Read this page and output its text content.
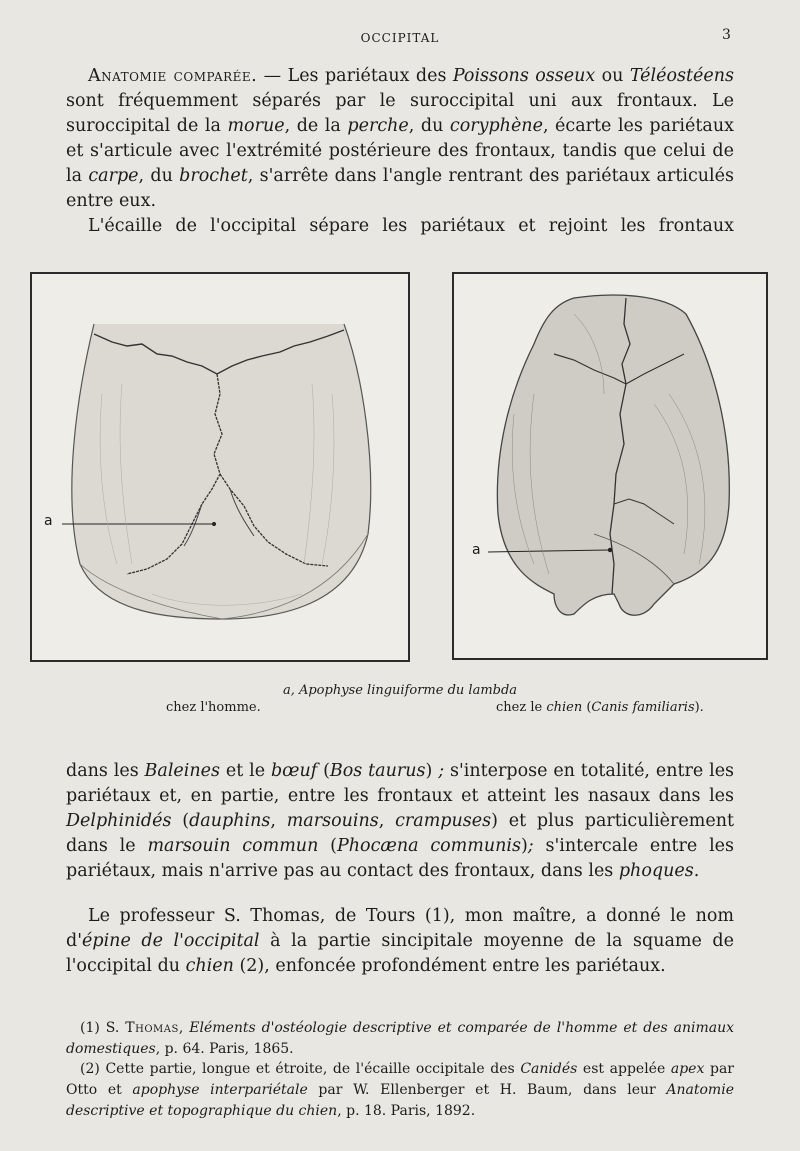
OCCIPITAL	3

Anatomie comparée. — Les pariétaux des Poissons osseux ou Téléostéens sont fréquemment séparés par le suroccipital uni aux frontaux. Le suroccipital de la morue, de la perche, du coryphène, écarte les pariétaux et s'articule avec l'extrémité postérieure des frontaux, tandis que celui de la carpe, du brochet, s'arrête dans l'angle rentrant des pariétaux articulés entre eux.

L'écaille de l'occipital sépare les pariétaux et rejoint les frontaux

a
a
a, Apophyse linguiforme du lambda
chez l'homme.	chez le chien (Canis familiaris).

dans les Baleines et le bœuf (Bos taurus) ; s'interpose en totalité, entre les pariétaux et, en partie, entre les frontaux et atteint les nasaux dans les Delphinidés (dauphins, marsouins, crampuses) et plus particulièrement dans le marsouin commun (Phocæna communis); s'intercale entre les pariétaux, mais n'arrive pas au contact des frontaux, dans les phoques.

Le professeur S. Thomas, de Tours (1), mon maître, a donné le nom d'épine de l'occipital à la partie sincipitale moyenne de la squame de l'occipital du chien (2), enfoncée profondément entre les pariétaux.

(1) S. Thomas, Eléments d'ostéologie descriptive et comparée de l'homme et des animaux domestiques, p. 64. Paris, 1865.

(2) Cette partie, longue et étroite, de l'écaille occipitale des Canidés est appelée apex par Otto et apophyse interpariétale par W. Ellenberger et H. Baum, dans leur Anatomie descriptive et topographique du chien, p. 18. Paris, 1892.
